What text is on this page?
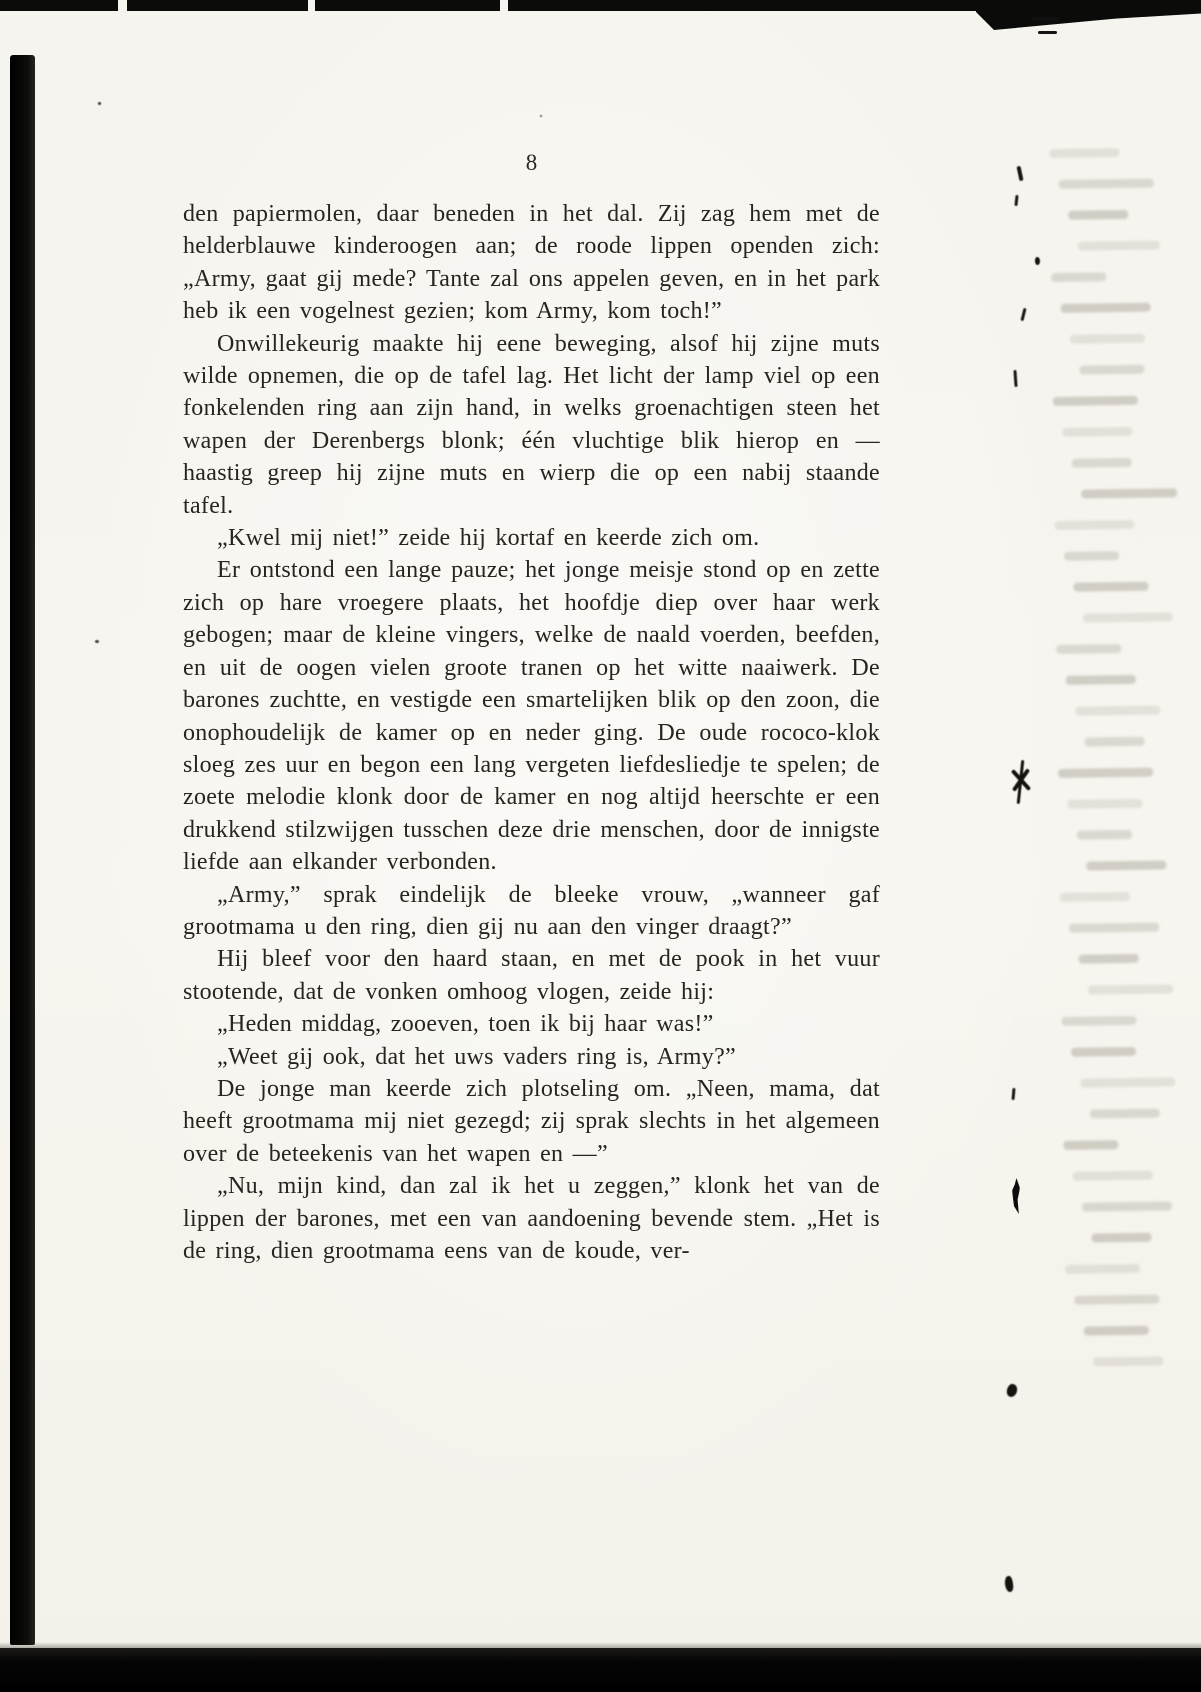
8

den papiermolen, daar beneden in het dal. Zij zag hem met de helderblauwe kinderoogen aan; de roode lippen openden zich: „Army, gaat gij mede? Tante zal ons appelen geven, en in het park heb ik een vogelnest gezien; kom Army, kom toch!”

Onwillekeurig maakte hij eene beweging, alsof hij zijne muts wilde opnemen, die op de tafel lag. Het licht der lamp viel op een fonkelenden ring aan zijn hand, in welks groenachtigen steen het wapen der Derenbergs blonk; één vluchtige blik hierop en — haastig greep hij zijne muts en wierp die op een nabij staande tafel.

„Kwel mij niet!” zeide hij kortaf en keerde zich om.

Er ontstond een lange pauze; het jonge meisje stond op en zette zich op hare vroegere plaats, het hoofdje diep over haar werk gebogen; maar de kleine vingers, welke de naald voerden, beefden, en uit de oogen vielen groote tranen op het witte naaiwerk. De barones zuchtte, en vestigde een smartelijken blik op den zoon, die onophoudelijk de kamer op en neder ging. De oude rococo-klok sloeg zes uur en begon een lang vergeten liefdesliedje te spelen; de zoete melodie klonk door de kamer en nog altijd heerschte er een drukkend stilzwijgen tusschen deze drie menschen, door de innigste liefde aan elkander verbonden.

„Army,” sprak eindelijk de bleeke vrouw, „wanneer gaf grootmama u den ring, dien gij nu aan den vinger draagt?”

Hij bleef voor den haard staan, en met de pook in het vuur stootende, dat de vonken omhoog vlogen, zeide hij:

„Heden middag, zooeven, toen ik bij haar was!”

„Weet gij ook, dat het uws vaders ring is, Army?”

De jonge man keerde zich plotseling om. „Neen, mama, dat heeft grootmama mij niet gezegd; zij sprak slechts in het algemeen over de beteekenis van het wapen en —”

„Nu, mijn kind, dan zal ik het u zeggen,” klonk het van de lippen der barones, met een van aandoening bevende stem. „Het is de ring, dien grootmama eens van de koude, ver-
